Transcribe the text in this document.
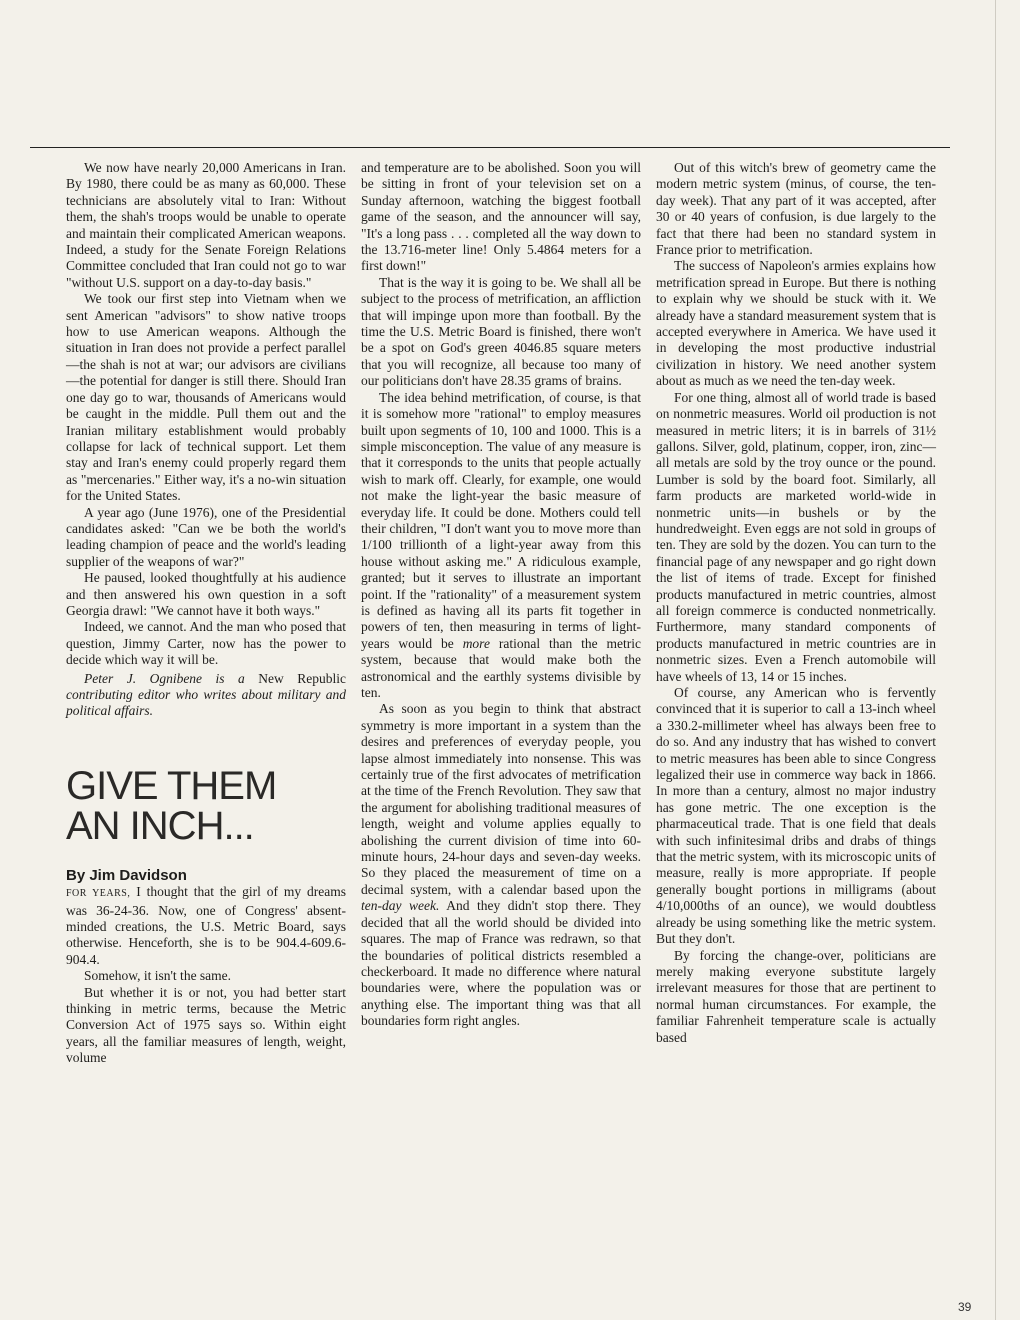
We now have nearly 20,000 Americans in Iran. By 1980, there could be as many as 60,000. These technicians are absolutely vital to Iran: Without them, the shah's troops would be unable to operate and maintain their complicated American weapons. Indeed, a study for the Senate Foreign Relations Committee concluded that Iran could not go to war "without U.S. support on a day-to-day basis."

We took our first step into Vietnam when we sent American "advisors" to show native troops how to use American weapons. Although the situation in Iran does not provide a perfect parallel—the shah is not at war; our advisors are civilians—the potential for danger is still there. Should Iran one day go to war, thousands of Americans would be caught in the middle. Pull them out and the Iranian military establishment would probably collapse for lack of technical support. Let them stay and Iran's enemy could properly regard them as "mercenaries." Either way, it's a no-win situation for the United States.

A year ago (June 1976), one of the Presidential candidates asked: "Can we be both the world's leading champion of peace and the world's leading supplier of the weapons of war?"

He paused, looked thoughtfully at his audience and then answered his own question in a soft Georgia drawl: "We cannot have it both ways."

Indeed, we cannot. And the man who posed that question, Jimmy Carter, now has the power to decide which way it will be.

Peter J. Ognibene is a New Republic contributing editor who writes about military and political affairs.

GIVE THEM
AN INCH...

By Jim Davidson

FOR YEARS, I thought that the girl of my dreams was 36-24-36. Now, one of Congress' absent-minded creations, the U.S. Metric Board, says otherwise. Henceforth, she is to be 904.4-609.6-904.4.

Somehow, it isn't the same.

But whether it is or not, you had better start thinking in metric terms, because the Metric Conversion Act of 1975 says so. Within eight years, all the familiar measures of length, weight, volume

and temperature are to be abolished. Soon you will be sitting in front of your television set on a Sunday afternoon, watching the biggest football game of the season, and the announcer will say, "It's a long pass . . . completed all the way down to the 13.716-meter line! Only 5.4864 meters for a first down!"

That is the way it is going to be. We shall all be subject to the process of metrification, an affliction that will impinge upon more than football. By the time the U.S. Metric Board is finished, there won't be a spot on God's green 4046.85 square meters that you will recognize, all because too many of our politicians don't have 28.35 grams of brains.

The idea behind metrification, of course, is that it is somehow more "rational" to employ measures built upon segments of 10, 100 and 1000. This is a simple misconception. The value of any measure is that it corresponds to the units that people actually wish to mark off. Clearly, for example, one would not make the light-year the basic measure of everyday life. It could be done. Mothers could tell their children, "I don't want you to move more than 1/100 trillionth of a light-year away from this house without asking me." A ridiculous example, granted; but it serves to illustrate an important point. If the "rationality" of a measurement system is defined as having all its parts fit together in powers of ten, then measuring in terms of light-years would be more rational than the metric system, because that would make both the astronomical and the earthly systems divisible by ten.

As soon as you begin to think that abstract symmetry is more important in a system than the desires and preferences of everyday people, you lapse almost immediately into nonsense. This was certainly true of the first advocates of metrification at the time of the French Revolution. They saw that the argument for abolishing traditional measures of length, weight and volume applies equally to abolishing the current division of time into 60-minute hours, 24-hour days and seven-day weeks. So they placed the measurement of time on a decimal system, with a calendar based upon the ten-day week. And they didn't stop there. They decided that all the world should be divided into squares. The map of France was redrawn, so that the boundaries of political districts resembled a checkerboard. It made no difference where natural boundaries were, where the population was or anything else. The important thing was that all boundaries form right angles.

Out of this witch's brew of geometry came the modern metric system (minus, of course, the ten-day week). That any part of it was accepted, after 30 or 40 years of confusion, is due largely to the fact that there had been no standard system in France prior to metrification.

The success of Napoleon's armies explains how metrification spread in Europe. But there is nothing to explain why we should be stuck with it. We already have a standard measurement system that is accepted everywhere in America. We have used it in developing the most productive industrial civilization in history. We need another system about as much as we need the ten-day week.

For one thing, almost all of world trade is based on nonmetric measures. World oil production is not measured in metric liters; it is in barrels of 31½ gallons. Silver, gold, platinum, copper, iron, zinc—all metals are sold by the troy ounce or the pound. Lumber is sold by the board foot. Similarly, all farm products are marketed world-wide in nonmetric units—in bushels or by the hundredweight. Even eggs are not sold in groups of ten. They are sold by the dozen. You can turn to the financial page of any newspaper and go right down the list of items of trade. Except for finished products manufactured in metric countries, almost all foreign commerce is conducted nonmetrically. Furthermore, many standard components of products manufactured in metric countries are in nonmetric sizes. Even a French automobile will have wheels of 13, 14 or 15 inches.

Of course, any American who is fervently convinced that it is superior to call a 13-inch wheel a 330.2-millimeter wheel has always been free to do so. And any industry that has wished to convert to metric measures has been able to since Congress legalized their use in commerce way back in 1866. In more than a century, almost no major industry has gone metric. The one exception is the pharmaceutical trade. That is one field that deals with such infinitesimal dribs and drabs of things that the metric system, with its microscopic units of measure, really is more appropriate. If people generally bought portions in milligrams (about 4/10,000ths of an ounce), we would doubtless already be using something like the metric system. But they don't.

By forcing the change-over, politicians are merely making everyone substitute largely irrelevant measures for those that are pertinent to normal human circumstances. For example, the familiar Fahrenheit temperature scale is actually based

39
